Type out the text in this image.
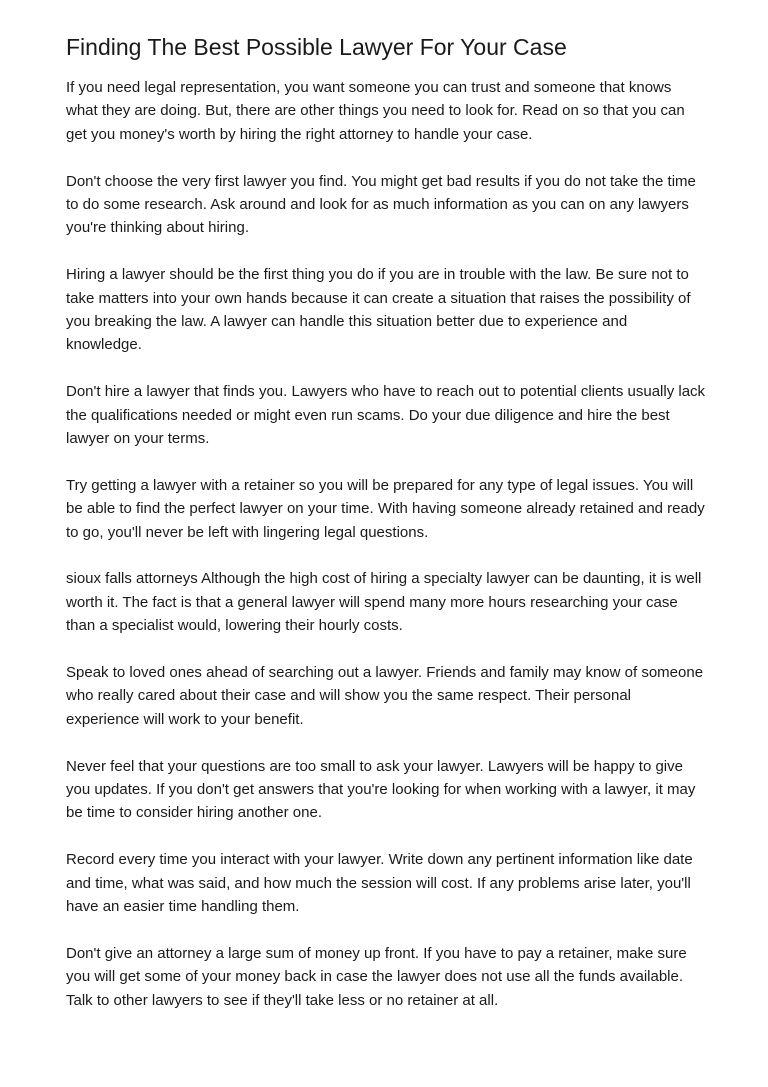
Finding The Best Possible Lawyer For Your Case

If you need legal representation, you want someone you can trust and someone that knows what they are doing. But, there are other things you need to look for. Read on so that you can get you money's worth by hiring the right attorney to handle your case.

Don't choose the very first lawyer you find. You might get bad results if you do not take the time to do some research. Ask around and look for as much information as you can on any lawyers you're thinking about hiring.

Hiring a lawyer should be the first thing you do if you are in trouble with the law. Be sure not to take matters into your own hands because it can create a situation that raises the possibility of you breaking the law. A lawyer can handle this situation better due to experience and knowledge.

Don't hire a lawyer that finds you. Lawyers who have to reach out to potential clients usually lack the qualifications needed or might even run scams. Do your due diligence and hire the best lawyer on your terms.

Try getting a lawyer with a retainer so you will be prepared for any type of legal issues. You will be able to find the perfect lawyer on your time. With having someone already retained and ready to go, you'll never be left with lingering legal questions.

sioux falls attorneys Although the high cost of hiring a specialty lawyer can be daunting, it is well worth it. The fact is that a general lawyer will spend many more hours researching your case than a specialist would, lowering their hourly costs.

Speak to loved ones ahead of searching out a lawyer. Friends and family may know of someone who really cared about their case and will show you the same respect. Their personal experience will work to your benefit.

Never feel that your questions are too small to ask your lawyer. Lawyers will be happy to give you updates. If you don't get answers that you're looking for when working with a lawyer, it may be time to consider hiring another one.

Record every time you interact with your lawyer. Write down any pertinent information like date and time, what was said, and how much the session will cost. If any problems arise later, you'll have an easier time handling them.

Don't give an attorney a large sum of money up front. If you have to pay a retainer, make sure you will get some of your money back in case the lawyer does not use all the funds available. Talk to other lawyers to see if they'll take less or no retainer at all.
